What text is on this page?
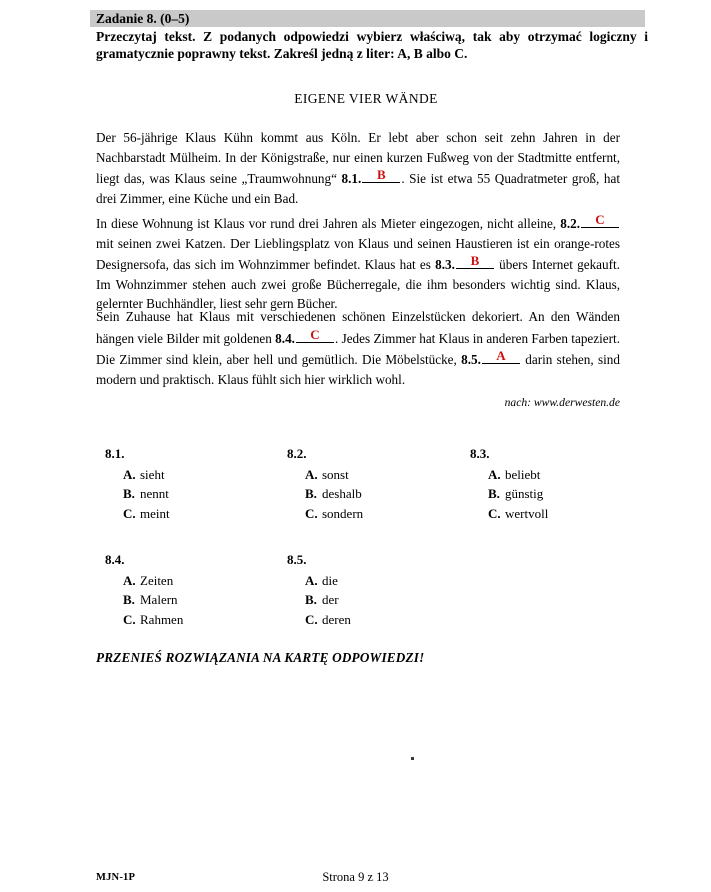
Zadanie 8. (0–5)
Przeczytaj tekst. Z podanych odpowiedzi wybierz właściwą, tak aby otrzymać logiczny i gramatycznie poprawny tekst. Zakreśl jedną z liter: A, B albo C.
EIGENE VIER WÄNDE
Der 56-jährige Klaus Kühn kommt aus Köln. Er lebt aber schon seit zehn Jahren in der Nachbarstadt Mülheim. In der Königstraße, nur einen kurzen Fußweg von der Stadtmitte entfernt, liegt das, was Klaus seine „Traumwohnung“ 8.1.	B	. Sie ist etwa 55 Quadratmeter groß, hat drei Zimmer, eine Küche und ein Bad.
In diese Wohnung ist Klaus vor rund drei Jahren als Mieter eingezogen, nicht alleine, 8.2.	C
mit seinen zwei Katzen. Der Lieblingsplatz von Klaus und seinen Haustieren ist ein orange-rotes Designersofa, das sich im Wohnzimmer befindet. Klaus hat es 8.3.	B	übers Internet gekauft. Im Wohnzimmer stehen auch zwei große Bücherregale, die ihm besonders wichtig sind. Klaus, gelernter Buchhändler, liest sehr gern Bücher.
Sein Zuhause hat Klaus mit verschiedenen schönen Einzelstücken dekoriert. An den Wänden hängen viele Bilder mit goldenen 8.4.	C	. Jedes Zimmer hat Klaus in anderen Farben tapeziert. Die Zimmer sind klein, aber hell und gemütlich. Die Möbelstücke, 8.5.	A	darin stehen, sind modern und praktisch. Klaus fühlt sich hier wirklich wohl.
nach: www.derwesten.de
8.1.
A. sieht
B. nennt
C. meint
8.2.
A. sonst
B. deshalb
C. sondern
8.3.
A. beliebt
B. günstig
C. wertvoll
8.4.
A. Zeiten
B. Malern
C. Rahmen
8.5.
A. die
B. der
C. deren
PRZENIEŚ ROZWIĄZANIA NA KARTĘ ODPOWIEDZI!
MJN-1P	Strona 9 z 13
